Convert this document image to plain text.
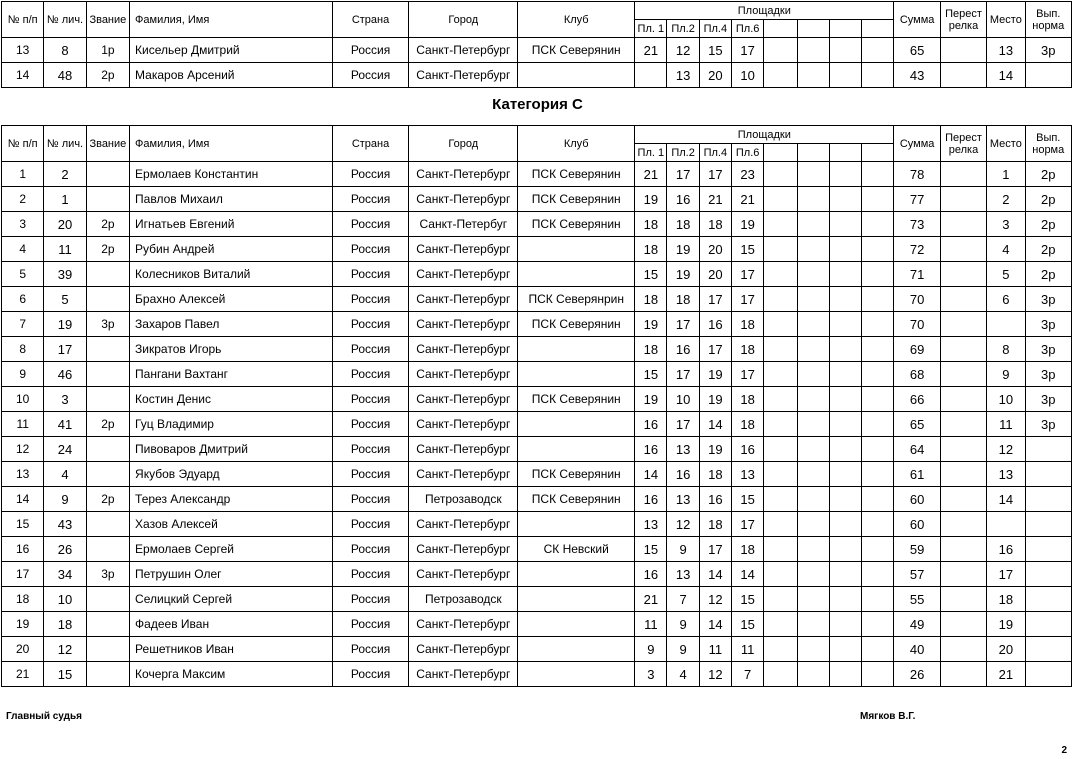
№ п/п	№ лич.	Звание	Фамилия, Имя	Страна	Город	Клуб	Площадки								Сумма	Перест релка	Место	Вып. норма
							Пл. 1	Пл.2	Пл.4	Пл.6								
13	8	1р	Кисельер Дмитрий	Россия	Санкт-Петербург	ПСК Северянин	21	12	15	17					65		13	3р
14	48	2р	Макаров Арсений	Россия	Санкт-Петербург			13	20	10					43		14	
Категория С
№ п/п	№ лич.	Звание	Фамилия, Имя	Страна	Город	Клуб	Площадки								Сумма	Перест релка	Место	Вып. норма
							Пл. 1	Пл.2	Пл.4	Пл.6								
1	2		Ермолаев Константин	Россия	Санкт-Петербург	ПСК Северянин	21	17	17	23					78		1	2р
2	1		Павлов Михаил	Россия	Санкт-Петербург	ПСК Северянин	19	16	21	21					77		2	2р
3	20	2р	Игнатьев Евгений	Россия	Санкт-Петербуг	ПСК Северянин	18	18	18	19					73		3	2р
4	11	2р	Рубин Андрей	Россия	Санкт-Петербург		18	19	20	15					72		4	2р
5	39		Колесников Виталий	Россия	Санкт-Петербург		15	19	20	17					71		5	2р
6	5		Брахно Алексей	Россия	Санкт-Петербург	ПСК Северянрин	18	18	17	17					70		6	3р
7	19	3р	Захаров Павел	Россия	Санкт-Петербург	ПСК Северянин	19	17	16	18					70			3р
8	17		Зикратов Игорь	Россия	Санкт-Петербург		18	16	17	18					69		8	3р
9	46		Пангани Вахтанг	Россия	Санкт-Петербург		15	17	19	17					68		9	3р
10	3		Костин Денис	Россия	Санкт-Петербург	ПСК Северянин	19	10	19	18					66		10	3р
11	41	2р	Гуц Владимир	Россия	Санкт-Петербург		16	17	14	18					65		11	3р
12	24		Пивоваров Дмитрий	Россия	Санкт-Петербург		16	13	19	16					64		12	
13	4		Якубов Эдуард	Россия	Санкт-Петербург	ПСК Северянин	14	16	18	13					61		13	
14	9	2р	Терез Александр	Россия	Петрозаводск	ПСК Северянин	16	13	16	15					60		14	
15	43		Хазов Алексей	Россия	Санкт-Петербург		13	12	18	17					60			
16	26		Ермолаев Сергей	Россия	Санкт-Петербург	СК Невский	15	9	17	18					59		16	
17	34	3р	Петрушин Олег	Россия	Санкт-Петербург		16	13	14	14					57		17	
18	10		Селицкий Сергей	Россия	Петрозаводск		21	7	12	15					55		18	
19	18		Фадеев Иван	Россия	Санкт-Петербург		11	9	14	15					49		19	
20	12		Решетников Иван	Россия	Санкт-Петербург		9	9	11	11					40		20	
21	15		Кочерга Максим	Россия	Санкт-Петербург		3	4	12	7					26		21	
Главный судья	Мягков В.Г.
2
